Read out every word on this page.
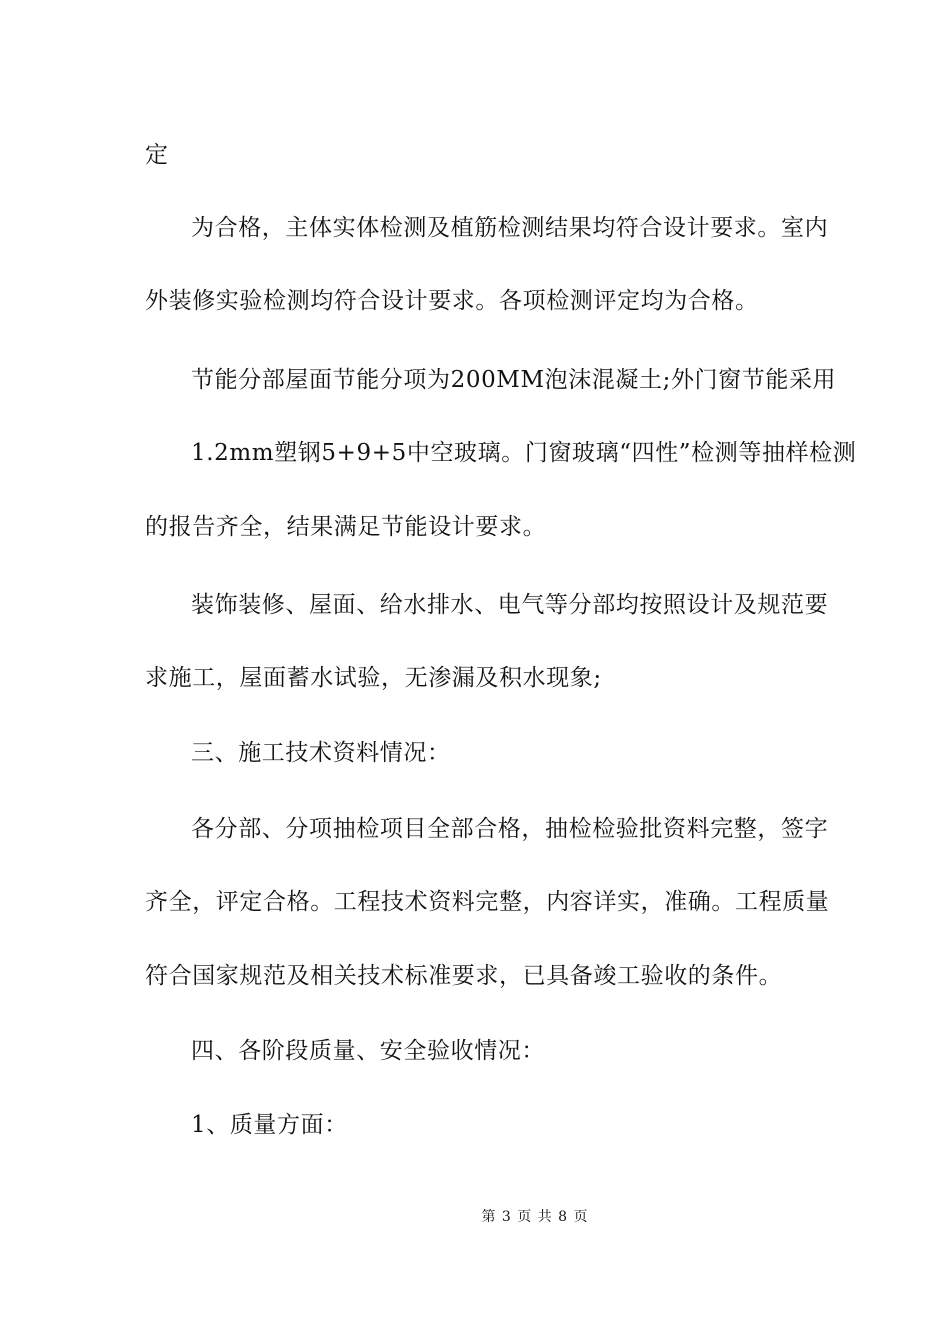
定
为合格，主体实体检测及植筋检测结果均符合设计要求。室内
外装修实验检测均符合设计要求。各项检测评定均为合格。
节能分部屋面节能分项为200MM泡沫混凝土;外门窗节能采用
1.2mm塑钢5+9+5中空玻璃。门窗玻璃“四性”检测等抽样检测
的报告齐全，结果满足节能设计要求。
装饰装修、屋面、给水排水、电气等分部均按照设计及规范要
求施工，屋面蓄水试验，无渗漏及积水现象;
三、施工技术资料情况：
各分部、分项抽检项目全部合格，抽检检验批资料完整，签字
齐全，评定合格。工程技术资料完整，内容详实，准确。工程质量
符合国家规范及相关技术标准要求，已具备竣工验收的条件。
四、各阶段质量、安全验收情况：
1、质量方面：
第 3 页 共 8 页
